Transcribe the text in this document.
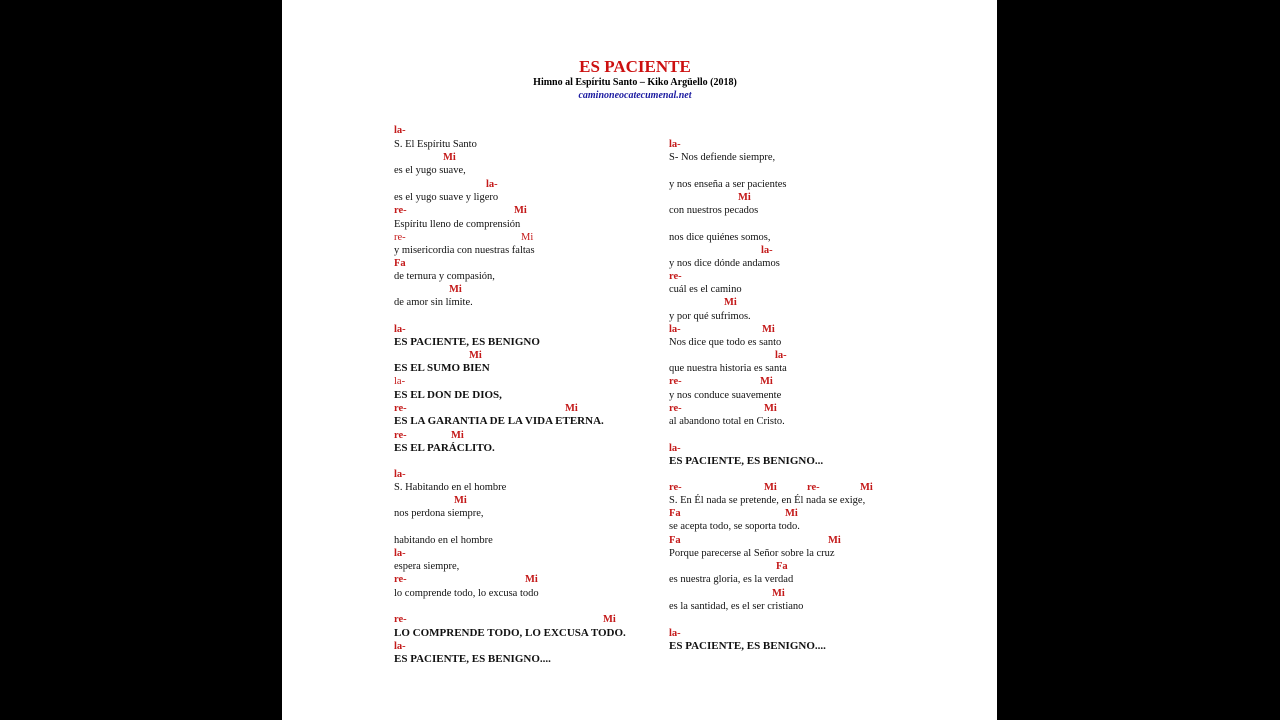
ES PACIENTE
Himno al Espíritu Santo – Kiko Argüello (2018)
caminoneocatecumenal.net
la-
S. El Espíritu Santo
Mi
es el yugo suave,
la-
es el yugo suave y ligero
re-	Mi
Espíritu lleno de comprensión
re-	Mi
y misericordia con nuestras faltas
Fa
de ternura y compasión,
Mi
de amor sin límite.
la-
ES PACIENTE, ES BENIGNO
Mi
ES EL SUMO BIEN
la-
ES EL DON DE DIOS,
re-	Mi
ES LA GARANTIA DE LA VIDA ETERNA.
re-	Mi
ES EL PARÁCLITO.
la-
S. Habitando en el hombre
Mi
nos perdona siempre,
habitando en el hombre
la-
espera siempre,
re-	Mi
lo comprende todo, lo excusa todo
re-	Mi
LO COMPRENDE TODO, LO EXCUSA TODO.
la-
ES PACIENTE, ES BENIGNO....
la-
S- Nos defiende siempre,
y nos enseña a ser pacientes
Mi
con nuestros pecados
nos dice quiénes somos,
la-
y nos dice dónde andamos
re-
cuál es el camino
Mi
y por qué sufrimos.
la-	Mi
Nos dice que todo es santo
la-
que nuestra historia es santa
re-	Mi
y nos conduce suavemente
re-	Mi
al abandono total en Cristo.
la-
ES PACIENTE, ES BENIGNO...
re-	Mi	re-	Mi
S. En Él nada se pretende, en Él nada se exige,
Fa	Mi
se acepta todo, se soporta todo.
Fa	Mi
Porque parecerse al Señor sobre la cruz
Fa
es nuestra gloria, es la verdad
Mi
es la santidad, es el ser cristiano
la-
ES PACIENTE, ES BENIGNO....
